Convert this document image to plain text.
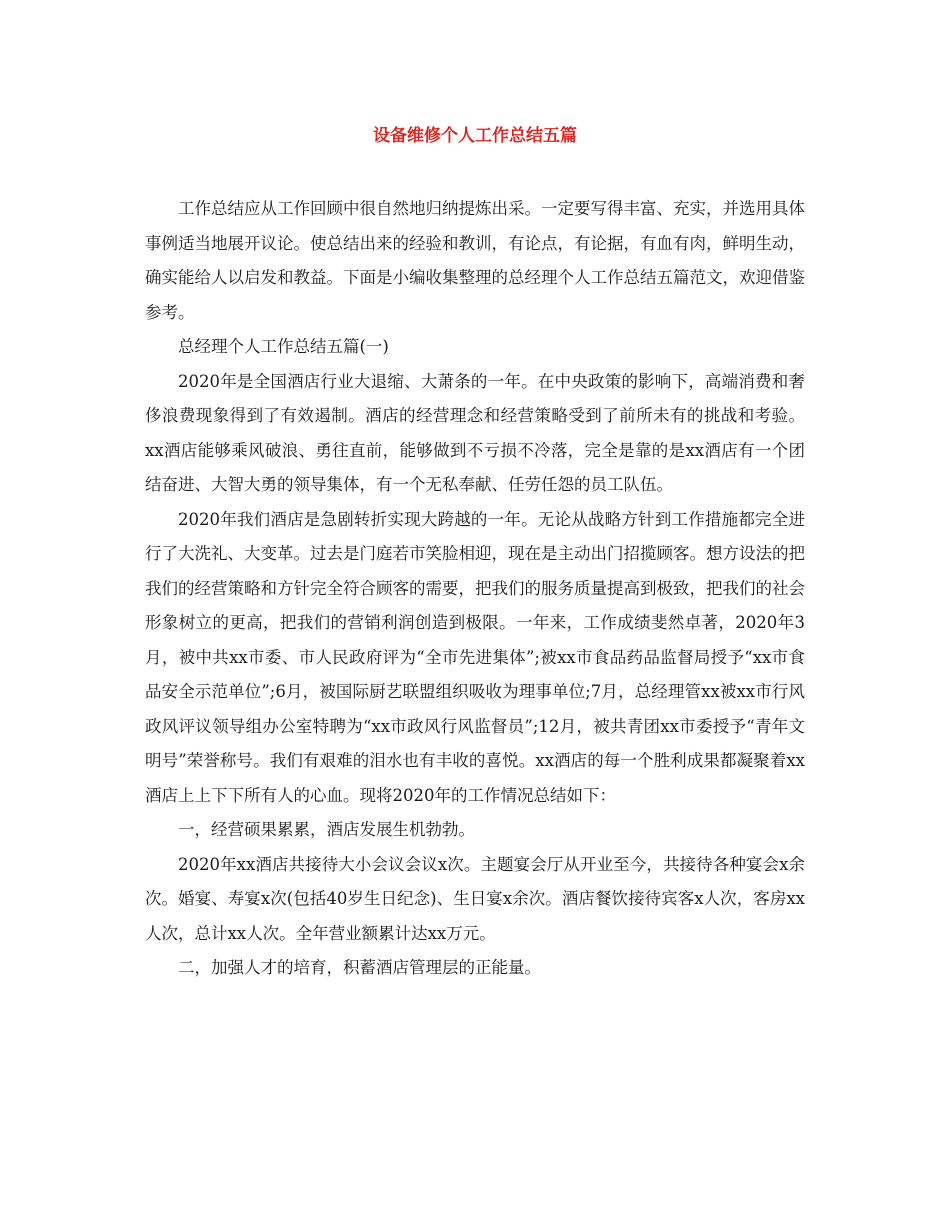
设备维修个人工作总结五篇

工作总结应从工作回顾中很自然地归纳提炼出采。一定要写得丰富、充实，并选用具体事例适当地展开议论。使总结出来的经验和教训，有论点，有论据，有血有肉，鲜明生动，确实能给人以启发和教益。下面是小编收集整理的总经理个人工作总结五篇范文，欢迎借鉴参考。

总经理个人工作总结五篇(一)

2020年是全国酒店行业大退缩、大萧条的一年。在中央政策的影响下，高端消费和奢侈浪费现象得到了有效遏制。酒店的经营理念和经营策略受到了前所未有的挑战和考验。xx酒店能够乘风破浪、勇往直前，能够做到不亏损不冷落，完全是靠的是xx酒店有一个团结奋进、大智大勇的领导集体，有一个无私奉献、任劳任怨的员工队伍。

2020年我们酒店是急剧转折实现大跨越的一年。无论从战略方针到工作措施都完全进行了大洗礼、大变革。过去是门庭若市笑脸相迎，现在是主动出门招揽顾客。想方设法的把我们的经营策略和方针完全符合顾客的需要，把我们的服务质量提高到极致，把我们的社会形象树立的更高，把我们的营销利润创造到极限。一年来，工作成绩斐然卓著，2020年3月，被中共xx市委、市人民政府评为“全市先进集体”;被xx市食品药品监督局授予“xx市食品安全示范单位”;6月，被国际厨艺联盟组织吸收为理事单位;7月，总经理管xx被xx市行风政风评议领导组办公室特聘为“xx市政风行风监督员”;12月，被共青团xx市委授予“青年文明号”荣誉称号。我们有艰难的泪水也有丰收的喜悦。xx酒店的每一个胜利成果都凝聚着xx酒店上上下下所有人的心血。现将2020年的工作情况总结如下：

一，经营硕果累累，酒店发展生机勃勃。

2020年xx酒店共接待大小会议会议x次。主题宴会厅从开业至今，共接待各种宴会x余次。婚宴、寿宴x次(包括40岁生日纪念)、生日宴x余次。酒店餐饮接待宾客x人次，客房xx人次，总计xx人次。全年营业额累计达xx万元。

二，加强人才的培育，积蓄酒店管理层的正能量。
